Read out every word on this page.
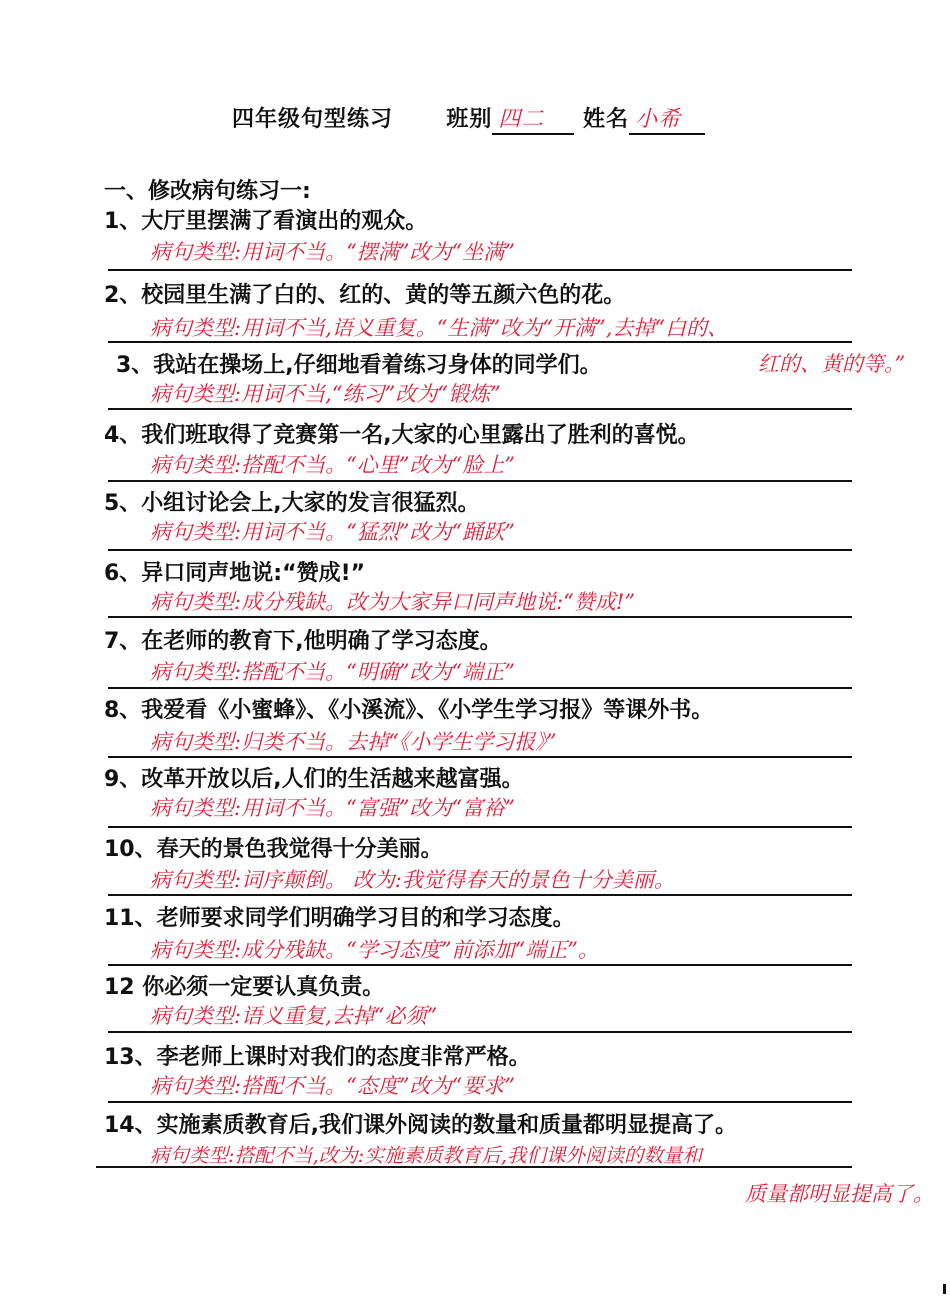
四年级句型练习 班别 四二 姓名 小希
一、修改病句练习一:
1、大厅里摆满了看演出的观众。
病句类型:用词不当。“摆满”改为“坐满”
2、校园里生满了白的、红的、黄的等五颜六色的花。
病句类型:用词不当,语义重复。“生满”改为“开满”,去掉“白的、
红的、黄的等。”
3、我站在操场上,仔细地看着练习身体的同学们。
病句类型:用词不当,“练习”改为“锻炼”
4、我们班取得了竞赛第一名,大家的心里露出了胜利的喜悦。
病句类型:搭配不当。“心里”改为“脸上”
5、小组讨论会上,大家的发言很猛烈。
病句类型:用词不当。“猛烈”改为“踊跃”
6、异口同声地说:“赞成!”
病句类型:成分残缺。改为大家异口同声地说:“赞成!”
7、在老师的教育下,他明确了学习态度。
病句类型:搭配不当。“明确”改为“端正”
8、我爱看《小蜜蜂》、《小溪流》、《小学生学习报》等课外书。
病句类型:归类不当。去掉“《小学生学习报》”
9、改革开放以后,人们的生活越来越富强。
病句类型:用词不当。“富强”改为“富裕”
10、春天的景色我觉得十分美丽。
病句类型:词序颠倒。 改为:我觉得春天的景色十分美丽。
11、老师要求同学们明确学习目的和学习态度。
病句类型:成分残缺。“学习态度”前添加“端正”。
12 你必须一定要认真负责。
病句类型:语义重复,去掉“必须”
13、李老师上课时对我们的态度非常严格。
病句类型:搭配不当。“态度”改为“要求”
14、实施素质教育后,我们课外阅读的数量和质量都明显提高了。
病句类型:搭配不当,改为:实施素质教育后,我们课外阅读的数量和
质量都明显提高了。
